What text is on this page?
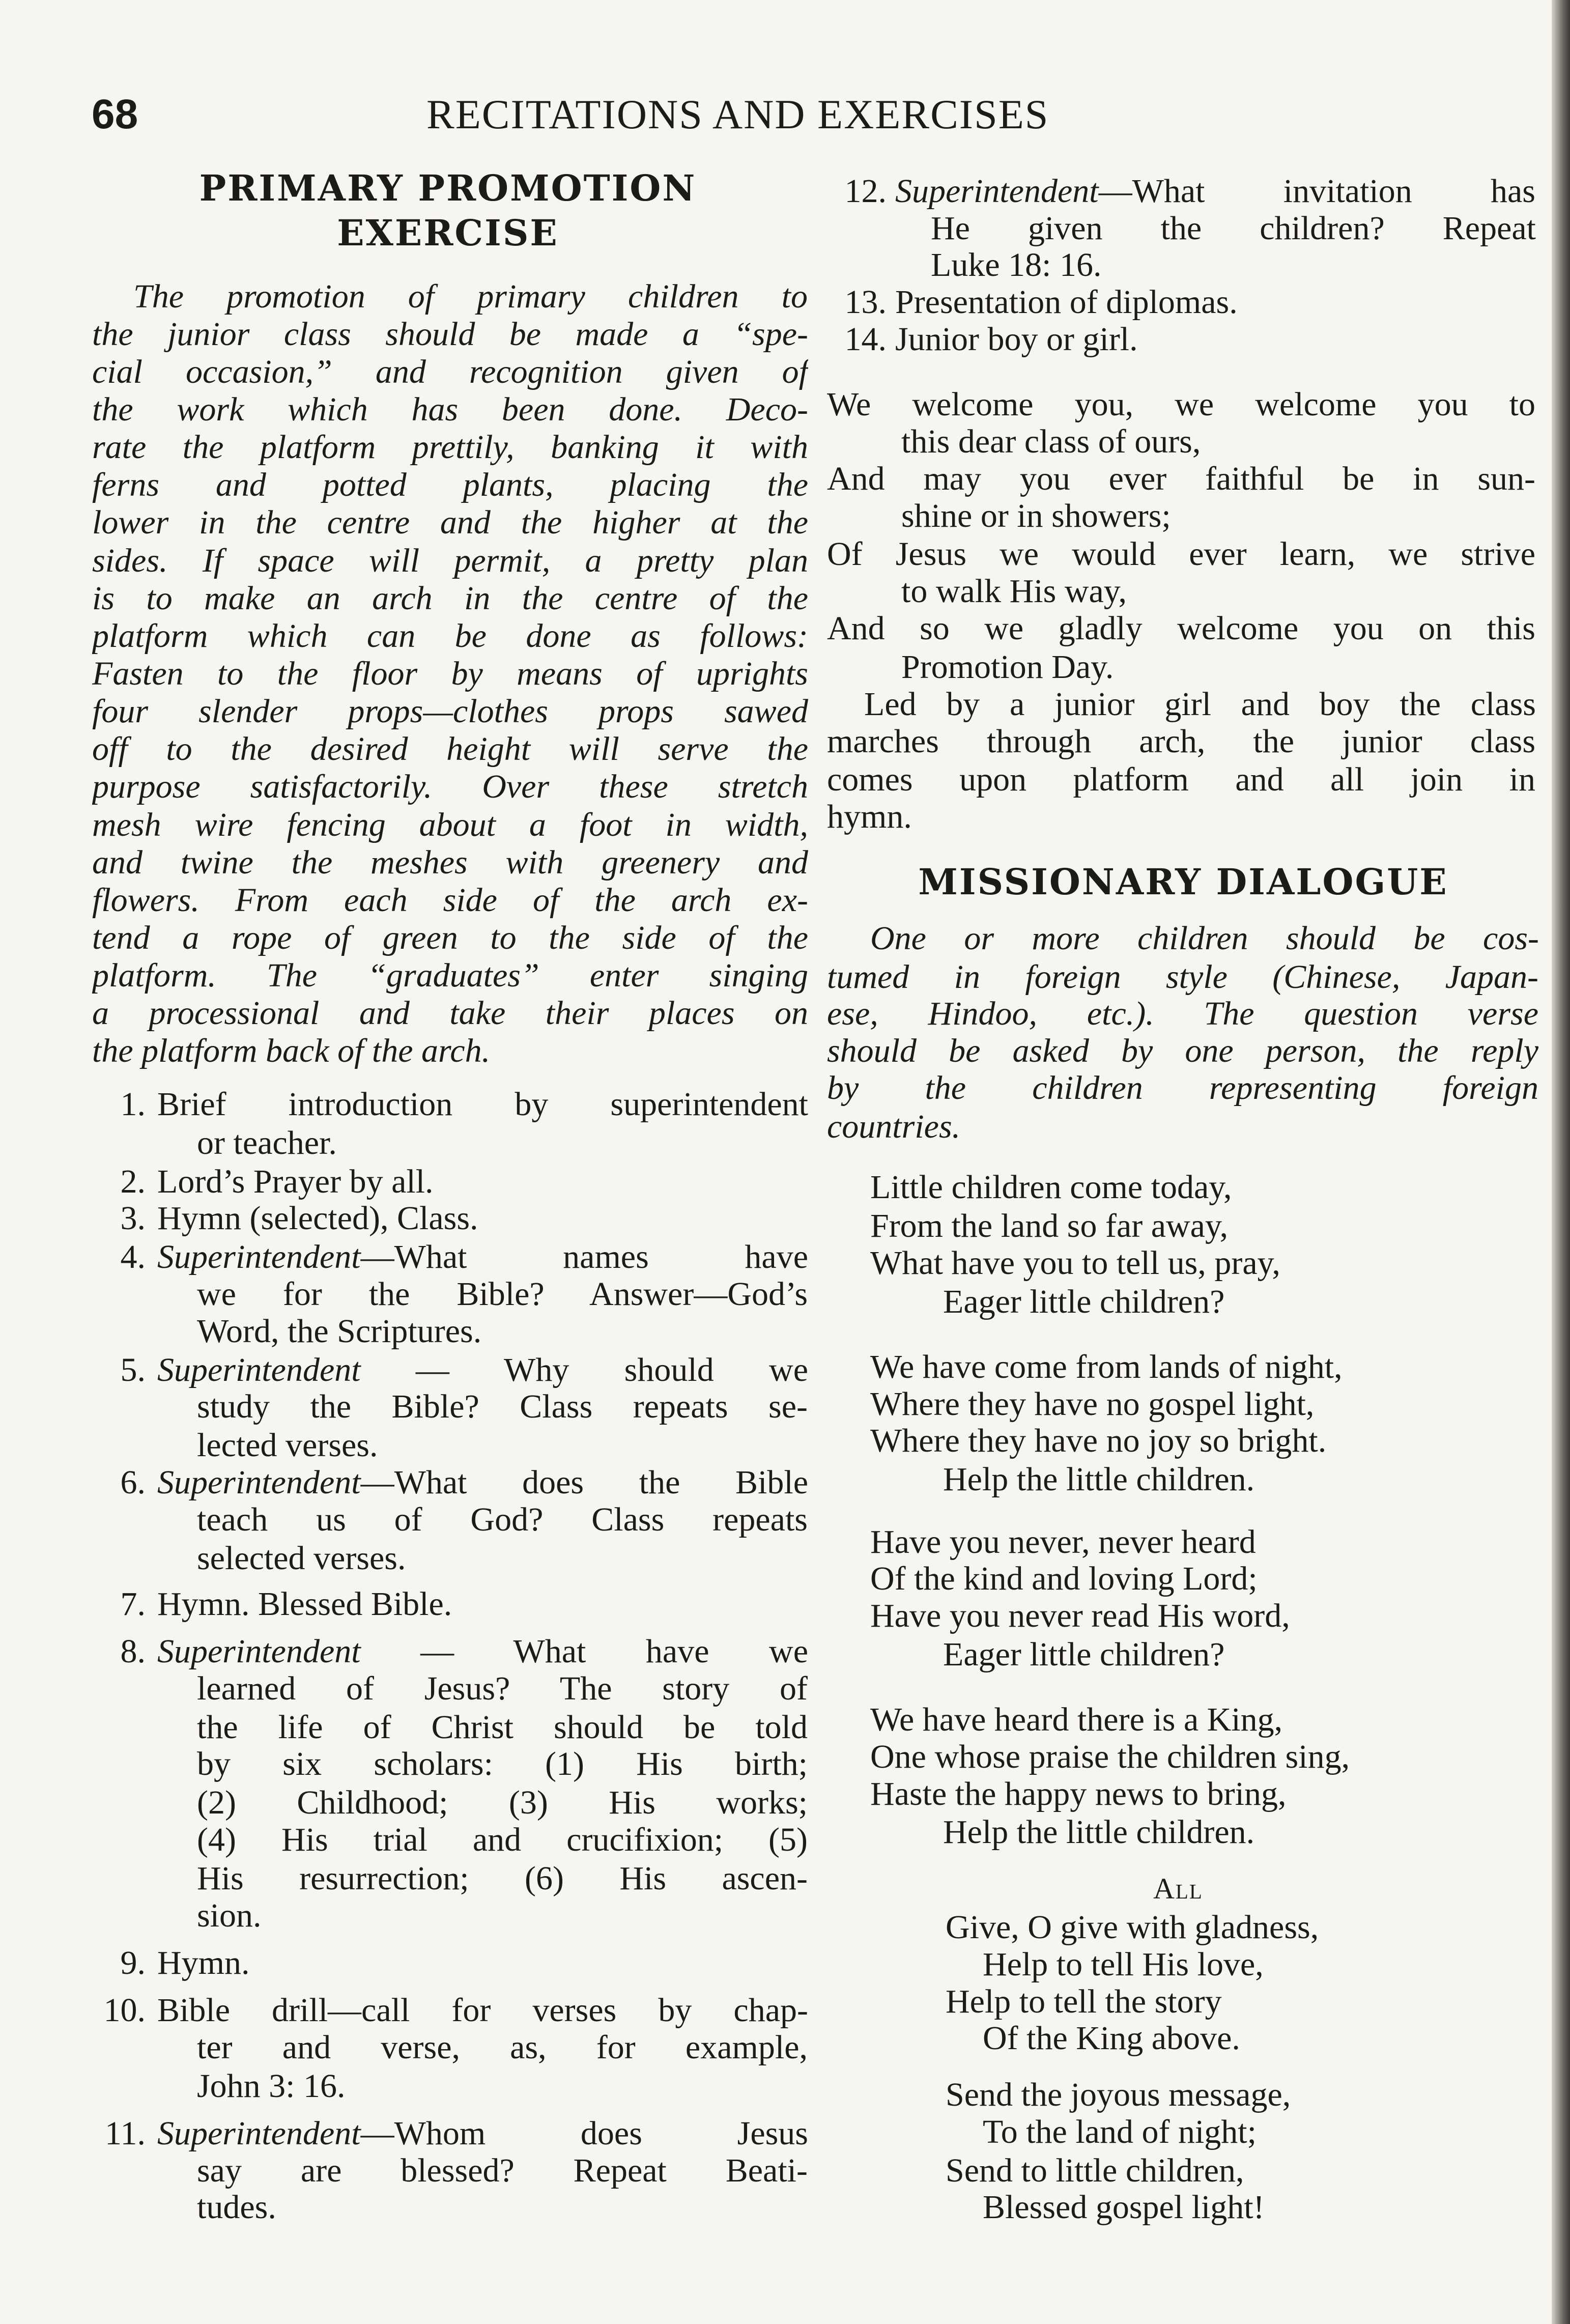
68	RECITATIONS AND EXERCISES
PRIMARY PROMOTION
EXERCISE
MISSIONARY DIALOGUE
The promotion of primary children to
the junior class should be made a “spe-
cial occasion,” and recognition given of
the work which has been done. Deco-
rate the platform prettily, banking it with
ferns and potted plants, placing the
lower in the centre and the higher at the
sides. If space will permit, a pretty plan
is to make an arch in the centre of the
platform which can be done as follows:
Fasten to the floor by means of uprights
four slender props—clothes props sawed
off to the desired height will serve the
purpose satisfactorily. Over these stretch
mesh wire fencing about a foot in width,
and twine the meshes with greenery and
flowers. From each side of the arch ex-
tend a rope of green to the side of the
platform. The “graduates” enter singing
a processional and take their places on
the platform back of the arch.
1. Brief introduction by superintendent
or teacher.
2. Lord’s Prayer by all.
3. Hymn (selected), Class.
4. Superintendent—What names have
we for the Bible? Answer—God’s
Word, the Scriptures.
5. Superintendent — Why should we
study the Bible? Class repeats se-
lected verses.
6. Superintendent—What does the Bible
teach us of God? Class repeats
selected verses.
7. Hymn. Blessed Bible.
8. Superintendent — What have we
learned of Jesus? The story of
the life of Christ should be told
by six scholars: (1) His birth;
(2) Childhood; (3) His works;
(4) His trial and crucifixion; (5)
His resurrection; (6) His ascen-
sion.
9. Hymn.
10. Bible drill—call for verses by chap-
ter and verse, as, for example,
John 3: 16.
11. Superintendent—Whom does Jesus
say are blessed? Repeat Beati-
tudes.
12. Superintendent—What invitation has
He given the children? Repeat
Luke 18: 16.
13. Presentation of diplomas.
14. Junior boy or girl.
We welcome you, we welcome you to
this dear class of ours,
And may you ever faithful be in sun-
shine or in showers;
Of Jesus we would ever learn, we strive
to walk His way,
And so we gladly welcome you on this
Promotion Day.
Led by a junior girl and boy the class
marches through arch, the junior class
comes upon platform and all join in
hymn.
One or more children should be cos-
tumed in foreign style (Chinese, Japan-
ese, Hindoo, etc.). The question verse
should be asked by one person, the reply
by the children representing foreign
countries.
Little children come today,
From the land so far away,
What have you to tell us, pray,
Eager little children?
We have come from lands of night,
Where they have no gospel light,
Where they have no joy so bright.
Help the little children.
Have you never, never heard
Of the kind and loving Lord;
Have you never read His word,
Eager little children?
We have heard there is a King,
One whose praise the children sing,
Haste the happy news to bring,
Help the little children.
All
Give, O give with gladness,
Help to tell His love,
Help to tell the story
Of the King above.
Send the joyous message,
To the land of night;
Send to little children,
Blessed gospel light!
